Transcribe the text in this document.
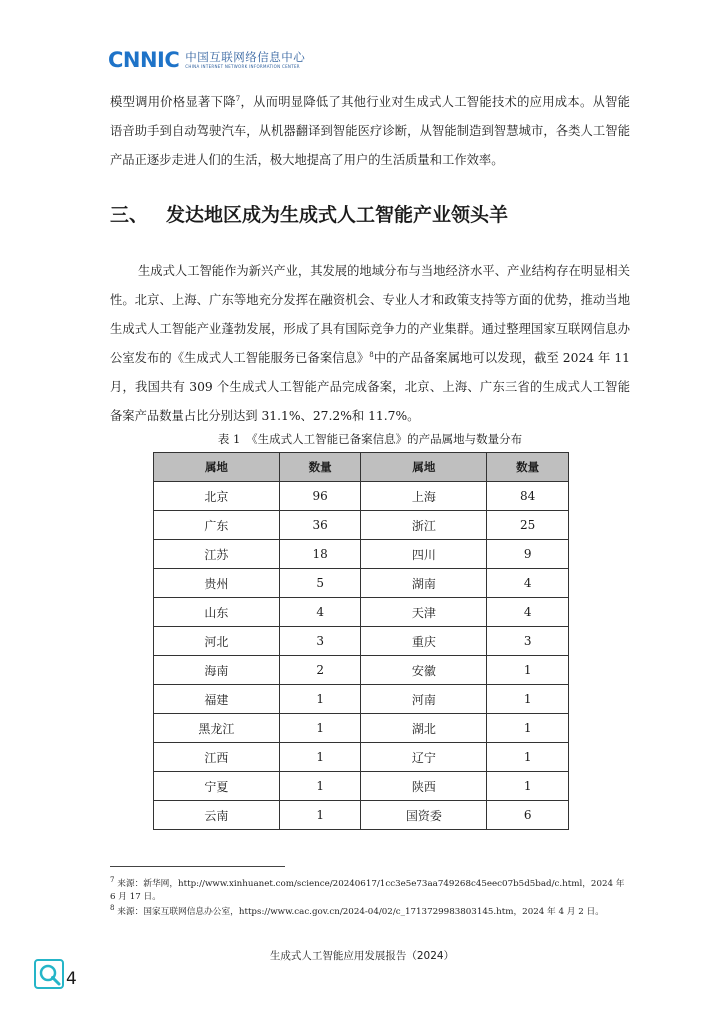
CNNIC 中国互联网络信息中心
CHINA INTERNET NETWORK INFORMATION CENTER

模型调用价格显著下降$^7$，从而明显降低了其他行业对生成式人工智能技术的应用成本。从智能语音助手到自动驾驶汽车，从机器翻译到智能医疗诊断，从智能制造到智慧城市，各类人工智能产品正逐步走进人们的生活，极大地提高了用户的生活质量和工作效率。

三、 发达地区成为生成式人工智能产业领头羊

生成式人工智能作为新兴产业，其发展的地域分布与当地经济水平、产业结构存在明显相关性。北京、上海、广东等地充分发挥在融资机会、专业人才和政策支持等方面的优势，推动当地生成式人工智能产业蓬勃发展，形成了具有国际竞争力的产业集群。通过整理国家互联网信息办公室发布的《生成式人工智能服务已备案信息》$^8$中的产品备案属地可以发现，截至 2024 年 11 月，我国共有 309 个生成式人工智能产品完成备案，北京、上海、广东三省的生成式人工智能备案产品数量占比分别达到 31.1%、27.2%和 11.7%。

表 1　《生成式人工智能已备案信息》的产品属地与数量分布

属地	数量	属地	数量
北京	96	上海	84
广东	36	浙江	25
江苏	18	四川	9
贵州	5	湖南	4
山东	4	天津	4
河北	3	重庆	3
海南	2	安徽	1
福建	1	河南	1
黑龙江	1	湖北	1
江西	1	辽宁	1
宁夏	1	陕西	1
云南	1	国资委	6

$^7$ 来源：新华网，http://www.xinhuanet.com/science/20240617/1cc3e5e73aa749268c45eec07b5d5bad/c.html，2024 年 6 月 17 日。

$^8$ 来源：国家互联网信息办公室，https://www.cac.gov.cn/2024-04/02/c_1713729983803145.htm，2024 年 4 月 2 日。

生成式人工智能应用发展报告（2024）
4
